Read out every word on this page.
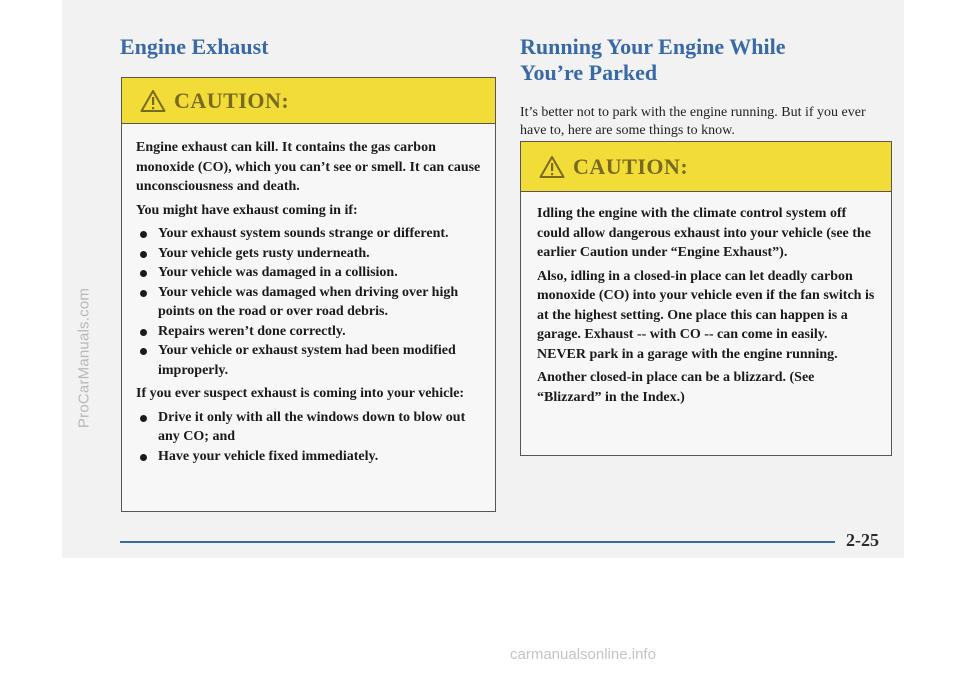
ProCarManuals.com
carmanualsonline.info
Engine Exhaust
CAUTION:

Engine exhaust can kill. It contains the gas carbon monoxide (CO), which you can’t see or smell. It can cause unconsciousness and death.

You might have exhaust coming in if:

Your exhaust system sounds strange or different.
Your vehicle gets rusty underneath.
Your vehicle was damaged in a collision.
Your vehicle was damaged when driving over high points on the road or over road debris.
Repairs weren’t done correctly.
Your vehicle or exhaust system had been modified improperly.

If you ever suspect exhaust is coming into your vehicle:

Drive it only with all the windows down to blow out any CO; and
Have your vehicle fixed immediately.
Running Your Engine While
You’re Parked

It’s better not to park with the engine running. But if you ever have to, here are some things to know.

CAUTION:

Idling the engine with the climate control system off could allow dangerous exhaust into your vehicle (see the earlier Caution under “Engine Exhaust”).

Also, idling in a closed-in place can let deadly carbon monoxide (CO) into your vehicle even if the fan switch is at the highest setting. One place this can happen is a garage. Exhaust -- with CO -- can come in easily. NEVER park in a garage with the engine running.

Another closed-in place can be a blizzard. (See “Blizzard” in the Index.)

2-25
